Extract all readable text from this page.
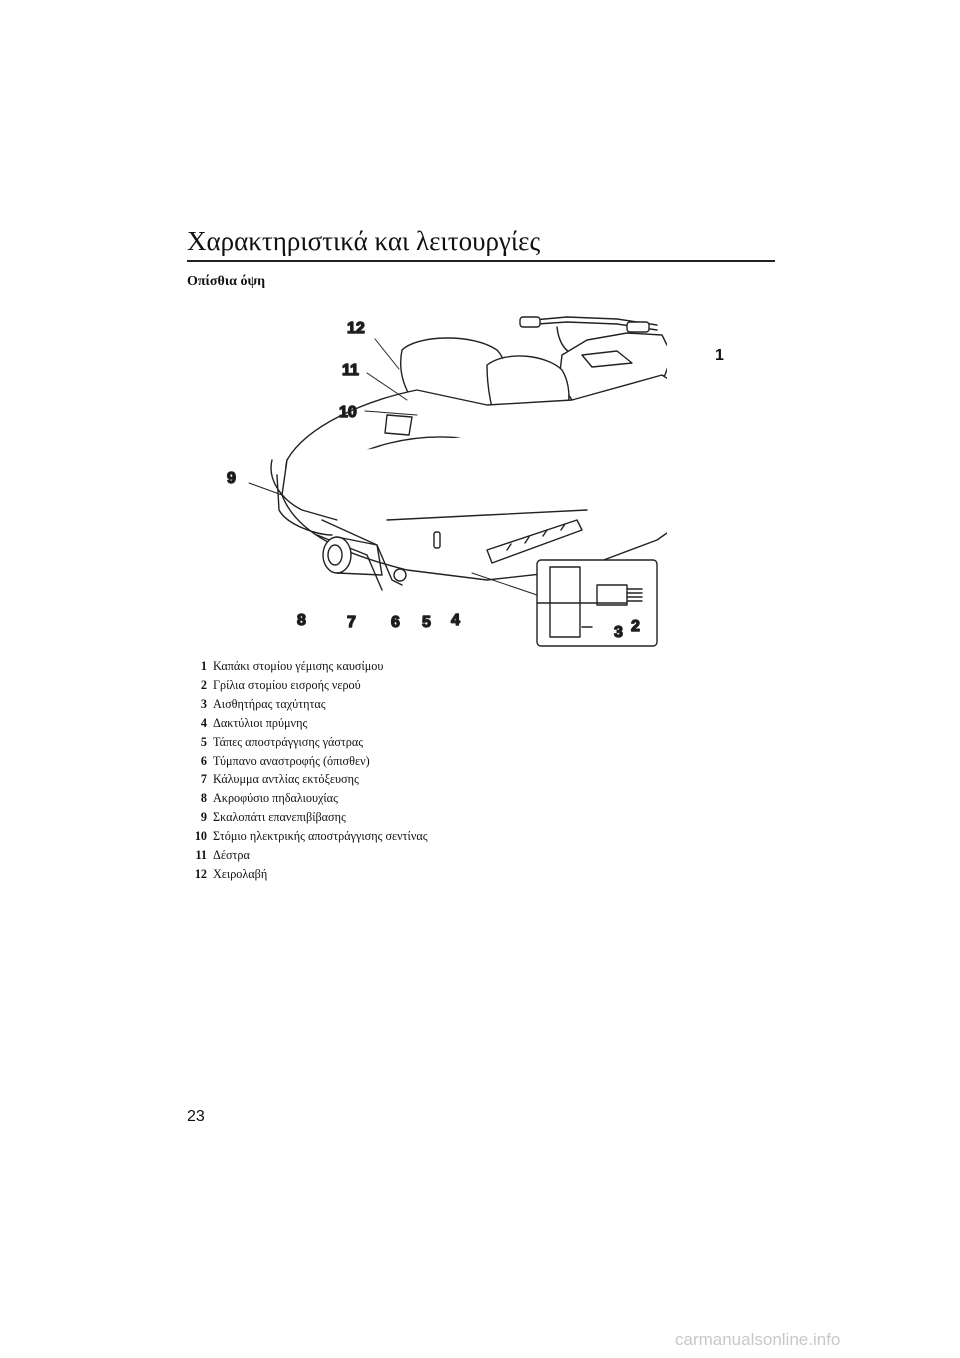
Χαρακτηριστικά και λειτουργίες
Οπίσθια όψη
12
11
10
9
8	7 6 5 4
3 2
1
1 Καπάκι στομίου γέμισης καυσίμου
2 Γρίλια στομίου εισροής νερού
3 Αισθητήρας ταχύτητας
4 Δακτύλιοι πρύμνης
5 Τάπες αποστράγγισης γάστρας
6 Τύμπανο αναστροφής (όπισθεν)
7 Κάλυμμα αντλίας εκτόξευσης
8 Ακροφύσιο πηδαλιουχίας
9 Σκαλοπάτι επανεπιβίβασης
10 Στόμιο ηλεκτρικής αποστράγγισης σεντίνας
11 Δέστρα
12 Χειρολαβή
23
carmanualsonline.info
